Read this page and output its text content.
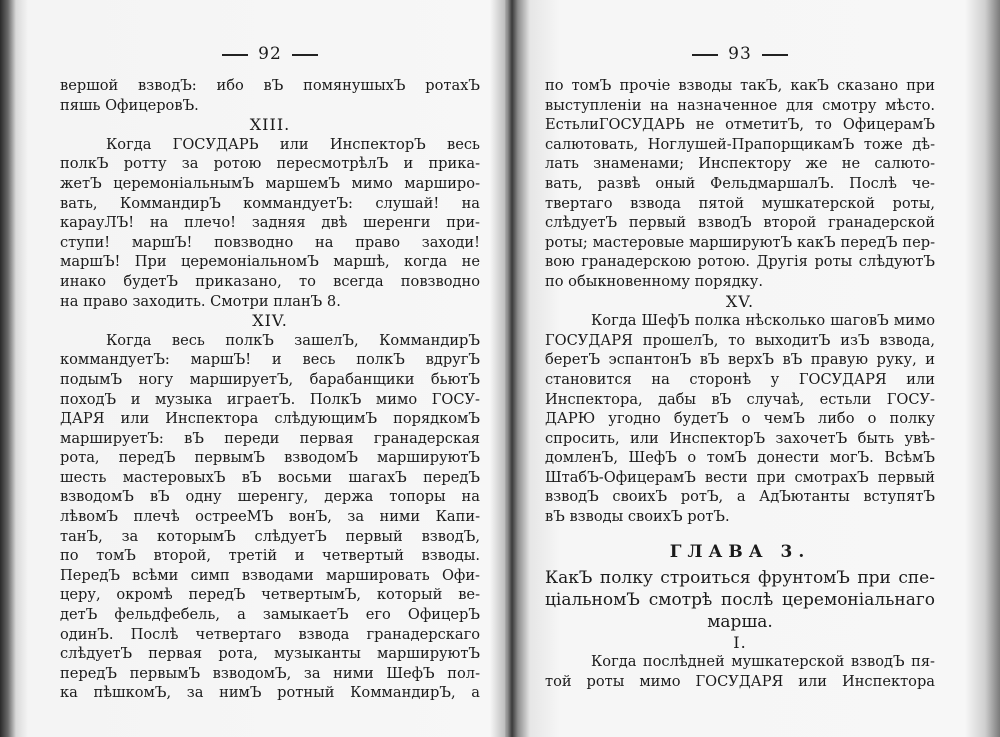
92
вершой взводЪ: ибо вЪ помянушыхЪ ротахЪ
пяшь ОфицеровЪ.
XIII.
Когда ГОСУДАРЬ или ИнспекторЪ весь
полкЪ ротту за ротою пересмотрѣлЪ и прика-
жетЪ церемоніальнымЪ маршемЪ мимо марширо-
вать, КоммандирЪ коммандуетЪ: слушай! на
карауЛЪ! на плечо! задняя двѣ шеренги при-
ступи! маршЪ! повзводно на право заходи!
маршЪ! При церемоніальномЪ маршѣ, когда не
инако будетЪ приказано, то всегда повзводно
на право заходить. Смотри планЪ 8.
XIV.
Когда весь полкЪ зашелЪ, КоммандирЪ
коммандуетЪ: маршЪ! и весь полкЪ вдругЪ
подымЪ ногу маршируетЪ, барабанщики бьютЪ
походЪ и музыка играетЪ. ПолкЪ мимо ГОСУ-
ДАРЯ или Инспектора слѣдующимЪ порядкомЪ
маршируетЪ: вЪ переди первая гранадерская
рота, передЪ первымЪ взводомЪ маршируютЪ
шесть мастеровыхЪ вЪ восьми шагахЪ передЪ
взводомЪ вЪ одну шеренгу, держа топоры на
лѣвомЪ плечѣ острееМЪ вонЪ, за ними Капи-
танЪ, за которымЪ слѣдуетЪ первый взводЪ,
по томЪ второй, третій и четвертый взводы.
ПередЪ всѣми симп взводами маршировать Офи-
церу, окромѣ передЪ четвертымЪ, который ве-
детЪ фельдфебель, а замыкаетЪ его ОфицерЪ
одинЪ. Послѣ четвертаго взвода гранадерскаго
слѣдуетЪ первая рота, музыканты маршируютЪ
передЪ первымЪ взводомЪ, за ними ШефЪ пол-
ка пѣшкомЪ, за нимЪ ротный КоммандирЪ, а
93
по томЪ прочіе взводы такЪ, какЪ сказано при
выступленіи на назначенное для смотру мѣсто.
ЕстьлиГОСУДАРЬ не отметитЪ, то ОфицерамЪ
салютовать, Ноглушей-ПрапорщикамЪ тоже дѣ-
лать знаменами; Инспектору же не салюто-
вать, развѣ оный ФельдмаршалЪ. Послѣ че-
твертаго взвода пятой мушкатерской роты,
слѣдуетЪ первый взводЪ второй гранадерской
роты; мастеровые маршируютЪ какЪ передЪ пер-
вою гранадерскою ротою. Другія роты слѣдуютЪ
по обыкновенному порядку.
XV.
Когда ШефЪ полка нѣсколько шаговЪ мимо
ГОСУДАРЯ прошелЪ, то выходитЪ изЪ взвода,
беретЪ эспантонЪ вЪ верхЪ вЪ правую руку, и
становится на сторонѣ у ГОСУДАРЯ или
Инспектора, дабы вЪ случаѣ, естьли ГОСУ-
ДАРЮ угодно будетЪ о чемЪ либо о полку
спросить, или ИнспекторЪ захочетЪ быть увѣ-
домленЪ, ШефЪ о томЪ донести могЪ. ВсѣмЪ
ШтабЪ-ОфицерамЪ вести при смотрахЪ первый
взводЪ своихЪ ротЪ, а АдЪютанты вступятЪ
вЪ взводы своихЪ ротЪ.
ГЛАВА 3.
КакЪ полку строиться фрунтомЪ при спе-
ціальномЪ смотрѣ послѣ церемоніальнаго
марша.
I.
Когда послѣдней мушкатерской взводЪ пя-
той роты мимо ГОСУДАРЯ или Инспектора
